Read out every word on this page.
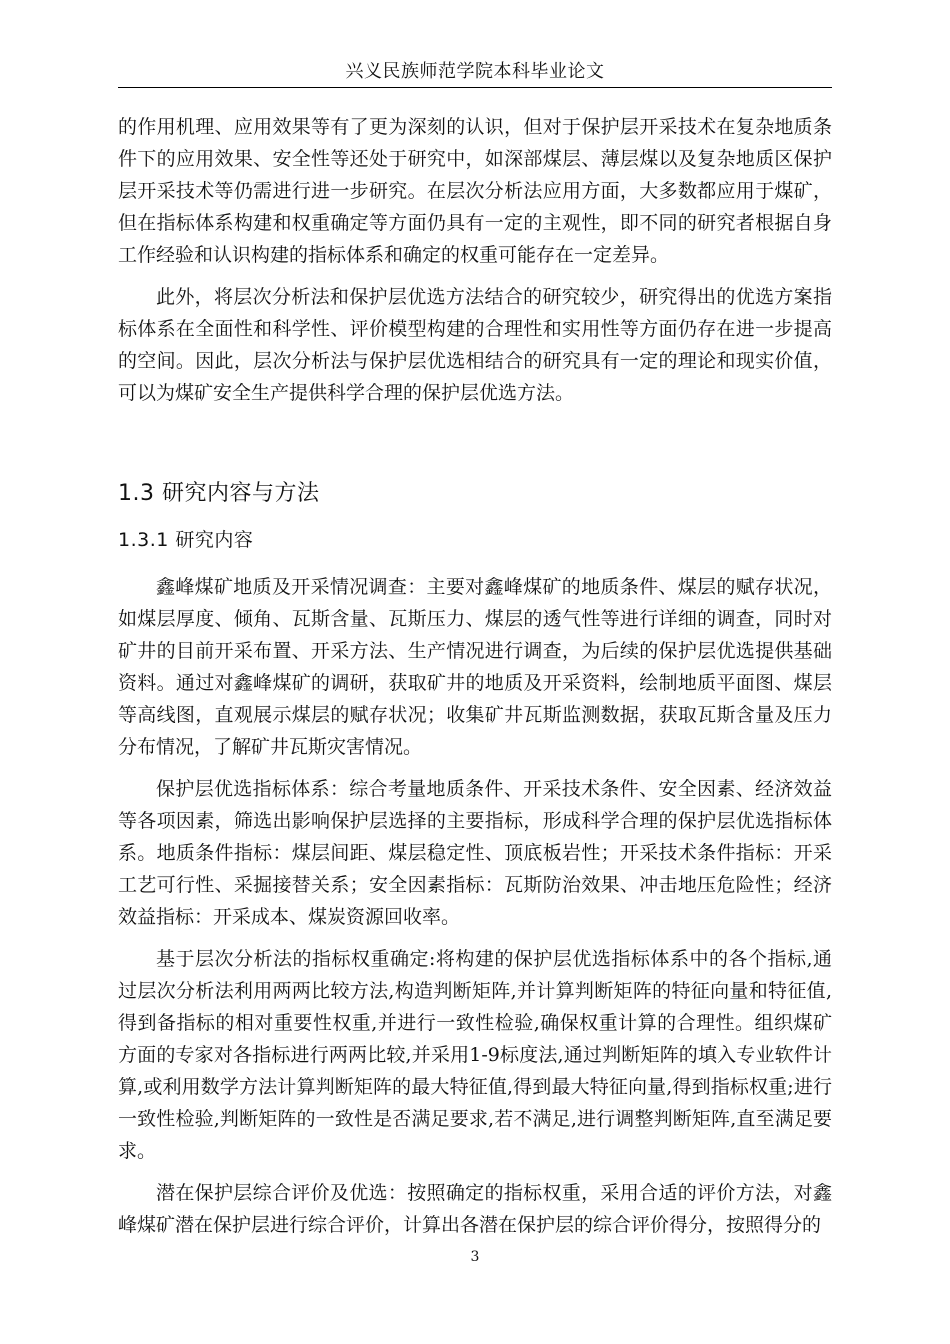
兴义民族师范学院本科毕业论文

的作用机理、应用效果等有了更为深刻的认识，但对于保护层开采技术在复杂地质条件下的应用效果、安全性等还处于研究中，如深部煤层、薄层煤以及复杂地质区保护层开采技术等仍需进行进一步研究。在层次分析法应用方面，大多数都应用于煤矿，但在指标体系构建和权重确定等方面仍具有一定的主观性，即不同的研究者根据自身工作经验和认识构建的指标体系和确定的权重可能存在一定差异。

此外，将层次分析法和保护层优选方法结合的研究较少，研究得出的优选方案指标体系在全面性和科学性、评价模型构建的合理性和实用性等方面仍存在进一步提高的空间。因此，层次分析法与保护层优选相结合的研究具有一定的理论和现实价值，可以为煤矿安全生产提供科学合理的保护层优选方法。

1.3 研究内容与方法
1.3.1 研究内容

鑫峰煤矿地质及开采情况调查：主要对鑫峰煤矿的地质条件、煤层的赋存状况，如煤层厚度、倾角、瓦斯含量、瓦斯压力、煤层的透气性等进行详细的调查，同时对矿井的目前开采布置、开采方法、生产情况进行调查，为后续的保护层优选提供基础资料。通过对鑫峰煤矿的调研，获取矿井的地质及开采资料，绘制地质平面图、煤层等高线图，直观展示煤层的赋存状况；收集矿井瓦斯监测数据，获取瓦斯含量及压力分布情况，了解矿井瓦斯灾害情况。

保护层优选指标体系：综合考量地质条件、开采技术条件、安全因素、经济效益等各项因素，筛选出影响保护层选择的主要指标，形成科学合理的保护层优选指标体系。地质条件指标：煤层间距、煤层稳定性、顶底板岩性；开采技术条件指标：开采工艺可行性、采掘接替关系；安全因素指标：瓦斯防治效果、冲击地压危险性；经济效益指标：开采成本、煤炭资源回收率。

基于层次分析法的指标权重确定:将构建的保护层优选指标体系中的各个指标,通过层次分析法利用两两比较方法,构造判断矩阵,并计算判断矩阵的特征向量和特征值,得到备指标的相对重要性权重,并进行一致性检验,确保权重计算的合理性。组织煤矿方面的专家对各指标进行两两比较,并采用1-9标度法,通过判断矩阵的填入专业软件计算,或利用数学方法计算判断矩阵的最大特征值,得到最大特征向量,得到指标权重;进行一致性检验,判断矩阵的一致性是否满足要求,若不满足,进行调整判断矩阵,直至满足要求。

潜在保护层综合评价及优选：按照确定的指标权重，采用合适的评价方法，对鑫峰煤矿潜在保护层进行综合评价，计算出各潜在保护层的综合评价得分，按照得分的

3
